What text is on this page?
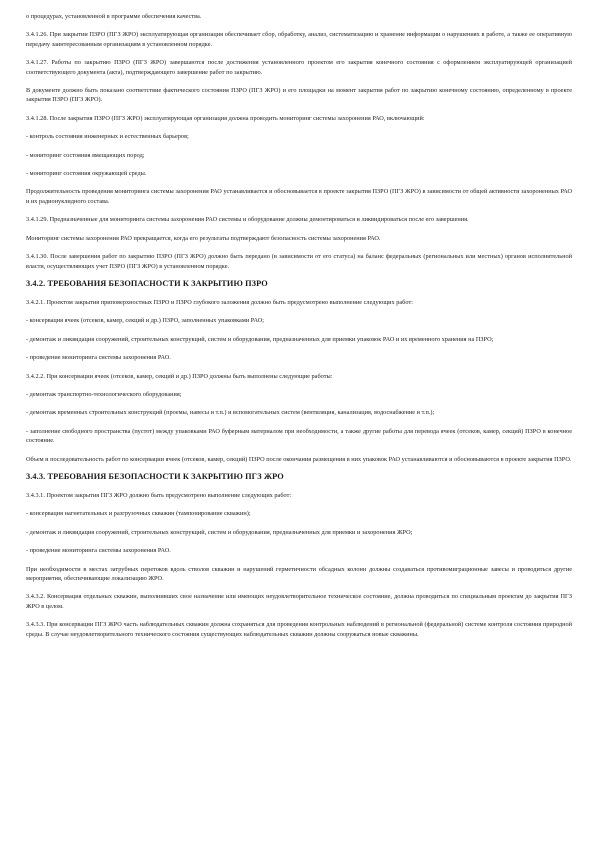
о процедурах, установленной в программе обеспечения качества.

3.4.1.26. При закрытии ПЗРО (ПГЗ ЖРО) эксплуатирующая организация обеспечивает сбор, обработку, анализ, систематизацию и хранение информации о нарушениях в работе, а также ее оперативную передачу заинтересованным организациям в установленном порядке.

3.4.1.27. Работы по закрытию ПЗРО (ПГЗ ЖРО) завершаются после достижения установленного проектом его закрытия конечного состояния с оформлением эксплуатирующей организацией соответствующего документа (акта), подтверждающего завершение работ по закрытию.

В документе должно быть показано соответствие фактического состояния ПЗРО (ПГЗ ЖРО) и его площадки на момент закрытия работ по закрытию конечному состоянию, определенному в проекте закрытия ПЗРО (ПГЗ ЖРО).

3.4.1.28. После закрытия ПЗРО (ПГЗ ЖРО) эксплуатирующая организация должна проводить мониторинг системы захоронения РАО, включающий:

- контроль состояния инженерных и естественных барьеров;

- мониторинг состояния вмещающих пород;

- мониторинг состояния окружающей среды.

Продолжительность проведения мониторинга системы захоронения РАО устанавливается и обосновывается в проекте закрытия ПЗРО (ПГЗ ЖРО) в зависимости от общей активности захороненных РАО и их радионуклидного состава.

3.4.1.29. Предназначенные для мониторинга системы захоронения РАО системы и оборудование должны демонтироваться и ликвидироваться после его завершения.

Мониторинг системы захоронения РАО прекращается, когда его результаты подтверждают безопасность системы захоронения РАО.

3.4.1.30. После завершения работ по закрытию ПЗРО (ПГЗ ЖРО) должно быть передано (в зависимости от его статуса) на баланс федеральных (региональных или местных) органов исполнительной власти, осуществляющих учет ПЗРО (ПГЗ ЖРО) в установленном порядке.

3.4.2. ТРЕБОВАНИЯ БЕЗОПАСНОСТИ К ЗАКРЫТИЮ ПЗРО

3.4.2.1. Проектом закрытия приповерхностных ПЗРО и ПЗРО глубокого заложения должно быть предусмотрено выполнение следующих работ:

- консервация ячеек (отсеков, камер, секций и др.) ПЗРО, заполненных упаковками РАО;

- демонтаж и ликвидация сооружений, строительных конструкций, систем и оборудования, предназначенных для приемки упаковок РАО и их временного хранения на ПЗРО;

- проведение мониторинга системы захоронения РАО.

3.4.2.2. При консервации ячеек (отсеков, камер, секций и др.) ПЗРО должны быть выполнены следующие работы:

- демонтаж транспортно-технологического оборудования;

- демонтаж временных строительных конструкций (проемы, навесы и т.п.) и вспомогательных систем (вентиляция, канализация, водоснабжение и т.п.);

- заполнение свободного пространства (пустот) между упаковками РАО буферным материалом при необходимости, а также другие работы для перевода ячеек (отсеков, камер, секций) ПЗРО в конечное состояние.

Объем и последовательность работ по консервации ячеек (отсеков, камер, секций) ПЗРО после окончания размещения в них упаковок РАО устанавливаются и обосновываются в проекте закрытия ПЗРО.

3.4.3. ТРЕБОВАНИЯ БЕЗОПАСНОСТИ К ЗАКРЫТИЮ ПГЗ ЖРО

3.4.3.1. Проектом закрытия ПГЗ ЖРО должно быть предусмотрено выполнение следующих работ:

- консервация нагнетательных и разгрузочных скважин (тампонирование скважин);

- демонтаж и ликвидация сооружений, строительных конструкций, систем и оборудования, предназначенных для приемки и захоронения ЖРО;

- проведение мониторинга системы захоронения РАО.

При необходимости в местах затрубных перетоков вдоль стволов скважин и нарушений герметичности обсадных колонн должны создаваться противомиграционные завесы и проводиться другие мероприятия, обеспечивающие локализацию ЖРО.

3.4.3.2. Консервация отдельных скважин, выполнивших свое назначение или имеющих неудовлетворительное техническое состояние, должна проводиться по специальным проектам до закрытия ПГЗ ЖРО в целом.

3.4.3.3. При консервации ПГЗ ЖРО часть наблюдательных скважин должна сохраняться для проведения контрольных наблюдений в региональной (федеральной) системе контроля состояния природной среды. В случае неудовлетворительного технического состояния существующих наблюдательных скважин должны сооружаться новые скважины.
